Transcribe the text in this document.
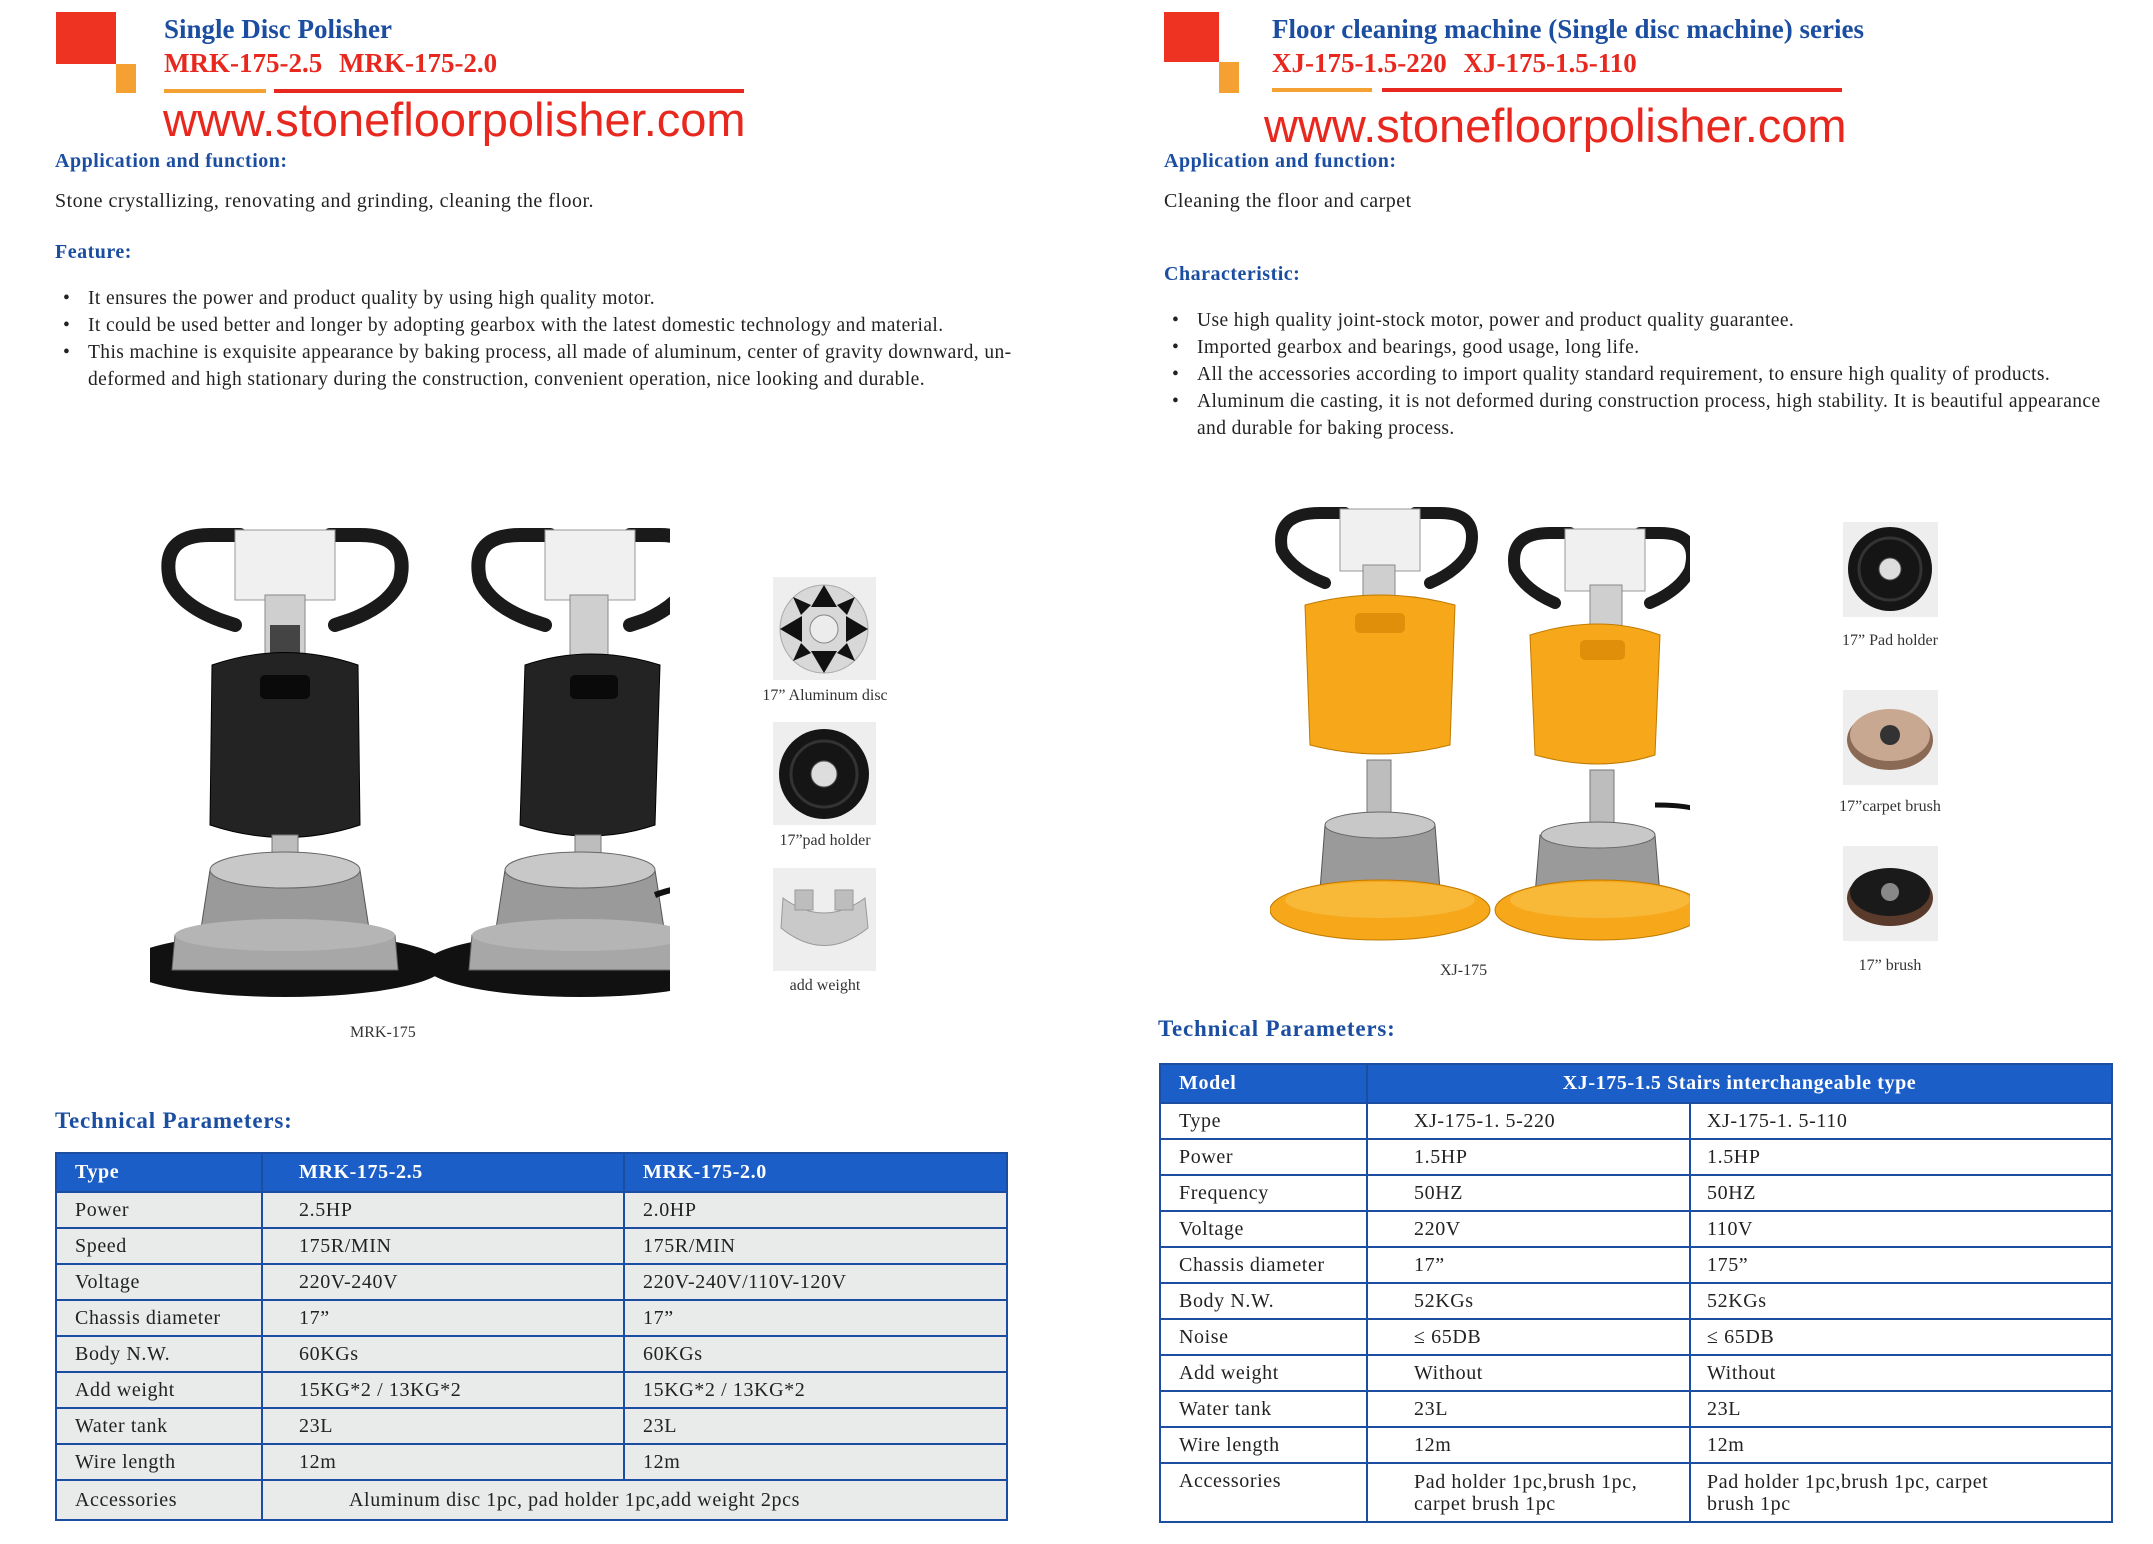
Single Disc Polisher
MRK-175-2.5 MRK-175-2.0
www.stonefloorpolisher.com
Application and function:
Stone crystallizing, renovating and grinding, cleaning the floor.
Feature:
• It ensures the power and product quality by using high quality motor.
• It could be used better and longer by adopting gearbox with the latest domestic technology and material.
• This machine is exquisite appearance by baking process, all made of aluminum, center of gravity downward, un-deformed and high stationary during the construction, convenient operation, nice looking and durable.
MRK-175
17” Aluminum disc
17”pad holder
add weight
Technical Parameters:
Type	MRK-175-2.5	MRK-175-2.0
Power	2.5HP	2.0HP
Speed	175R/MIN	175R/MIN
Voltage	220V-240V	220V-240V/110V-120V
Chassis diameter	17”	17”
Body N.W.	60KGs	60KGs
Add weight	15KG*2 / 13KG*2	15KG*2 / 13KG*2
Water tank	23L	23L
Wire length	12m	12m
Accessories	Aluminum disc 1pc, pad holder 1pc,add weight 2pcs	
Floor cleaning machine (Single disc machine) series
XJ-175-1.5-220 XJ-175-1.5-110
www.stonefloorpolisher.com
Application and function:
Cleaning the floor and carpet
Characteristic:
• Use high quality joint-stock motor, power and product quality guarantee.
• Imported gearbox and bearings, good usage, long life.
• All the accessories according to import quality standard requirement, to ensure high quality of products.
• Aluminum die casting, it is not deformed during construction process, high stability. It is beautiful appearance and durable for baking process.
XJ-175
17” Pad holder
17”carpet brush
17” brush
Technical Parameters:
Model	XJ-175-1.5 Stairs interchangeable type	
Type	XJ-175-1. 5-220	XJ-175-1. 5-110
Power	1.5HP	1.5HP
Frequency	50HZ	50HZ
Voltage	220V	110V
Chassis diameter	17”	175”
Body N.W.	52KGs	52KGs
Noise	≤ 65DB	≤ 65DB
Add weight	Without	Without
Water tank	23L	23L
Wire length	12m	12m
Accessories	Pad holder 1pc,brush 1pc, carpet brush 1pc	Pad holder 1pc,brush 1pc, carpet brush 1pc
